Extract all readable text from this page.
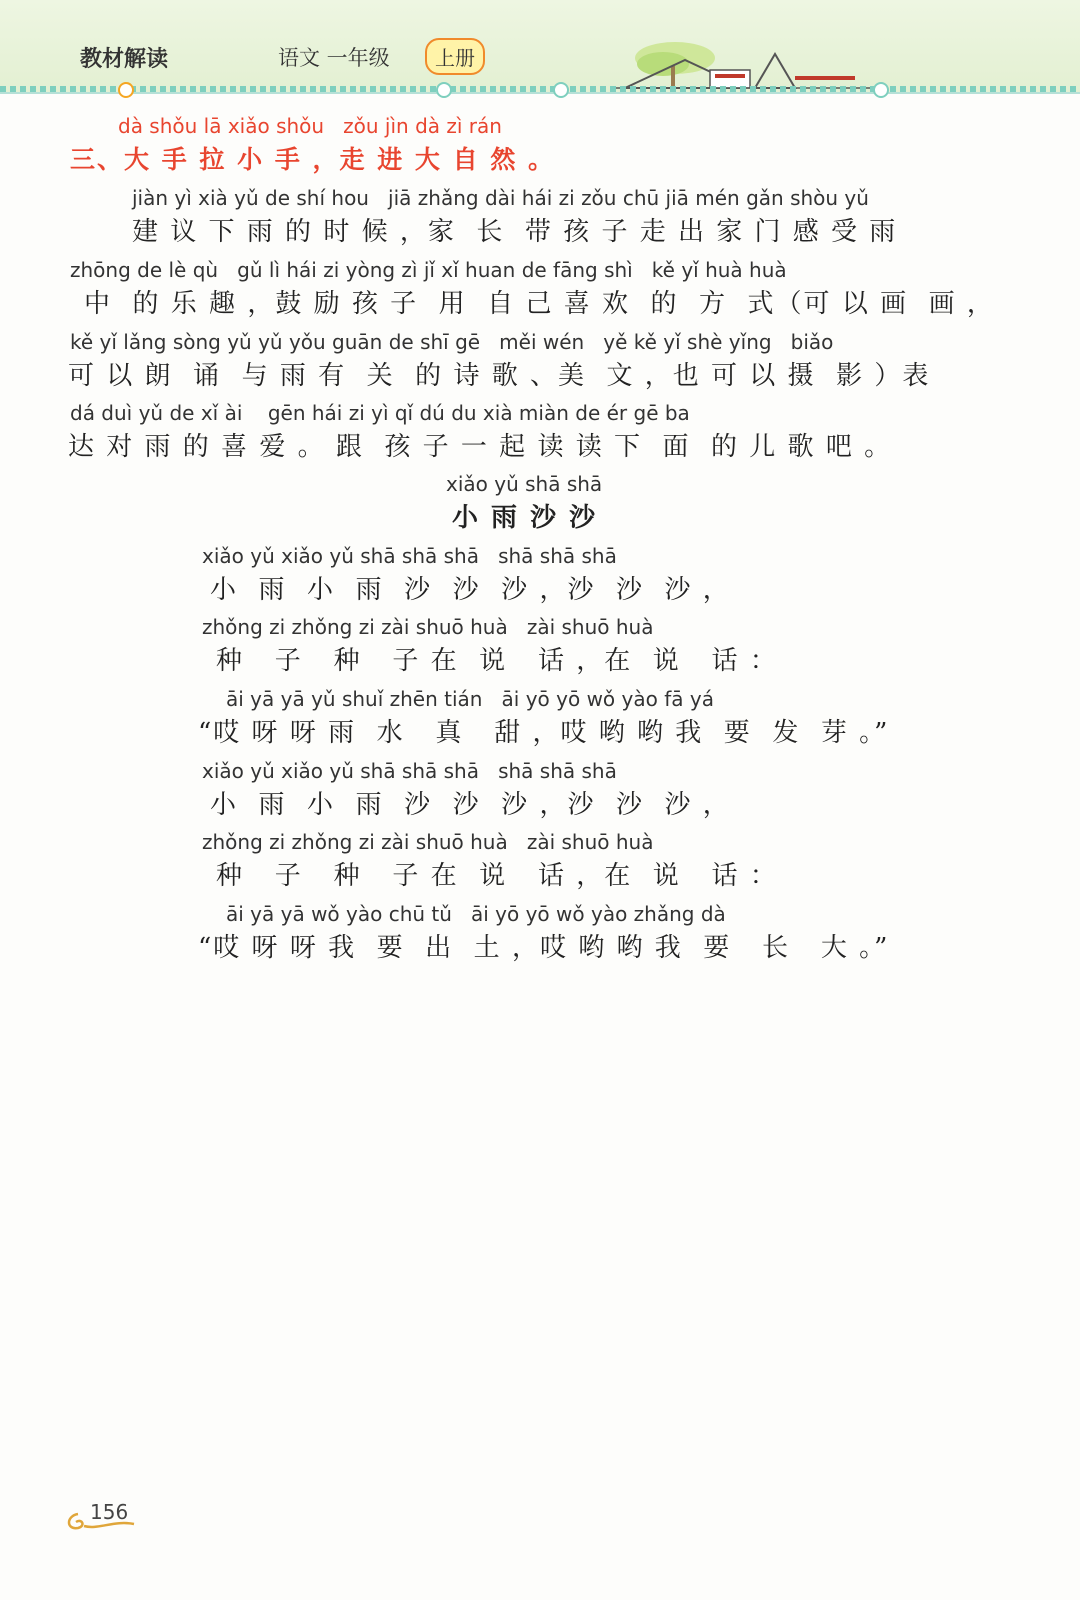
教材解读	语文 一年级	上册
dà shǒu lā xiǎo shǒu   zǒu jìn dà zì rán
三、大 手 拉 小 手 ，走 进 大 自 然 。
jiàn yì xià yǔ de shí hou   jiā zhǎng dài hái zi zǒu chū jiā mén gǎn shòu yǔ
建 议 下 雨 的 时 候 ，家  长  带 孩 子 走 出 家 门 感 受 雨
zhōng de lè qù   gǔ lì hái zi yòng zì jǐ xǐ huan de fāng shì   kě yǐ huà huà
中  的 乐 趣 ，鼓 励 孩 子  用  自 己 喜 欢  的  方  式（可 以 画  画 ，
kě yǐ lǎng sòng yǔ yǔ yǒu guān de shī gē   měi wén   yě kě yǐ shè yǐng   biǎo
可 以 朗  诵  与 雨 有  关  的 诗 歌 、美  文 ，也 可 以 摄  影 ）表
dá duì yǔ de xǐ ài    gēn hái zi yì qǐ dú du xià miàn de ér gē ba
达 对 雨 的 喜 爱 。 跟  孩 子 一 起 读 读 下  面  的 儿 歌 吧 。
xiǎo yǔ shā shā
小 雨 沙 沙
xiǎo yǔ xiǎo yǔ shā shā shā   shā shā shā
小  雨  小  雨  沙  沙  沙 ，沙  沙  沙 ，
zhǒng zi zhǒng zi zài shuō huà   zài shuō huà
种   子   种   子 在  说   话 ，在  说   话 ：
āi yā yā yǔ shuǐ zhēn tián   āi yō yō wǒ yào fā yá
“哎 呀 呀 雨  水   真   甜 ，哎 哟 哟 我  要  发  芽 。”
xiǎo yǔ xiǎo yǔ shā shā shā   shā shā shā
小  雨  小  雨  沙  沙  沙 ，沙  沙  沙 ，
zhǒng zi zhǒng zi zài shuō huà   zài shuō huà
种   子   种   子 在  说   话 ，在  说   话 ：
āi yā yā wǒ yào chū tǔ   āi yō yō wǒ yào zhǎng dà
“哎 呀 呀 我  要  出  土 ，哎 哟 哟 我  要   长   大 。”
156
